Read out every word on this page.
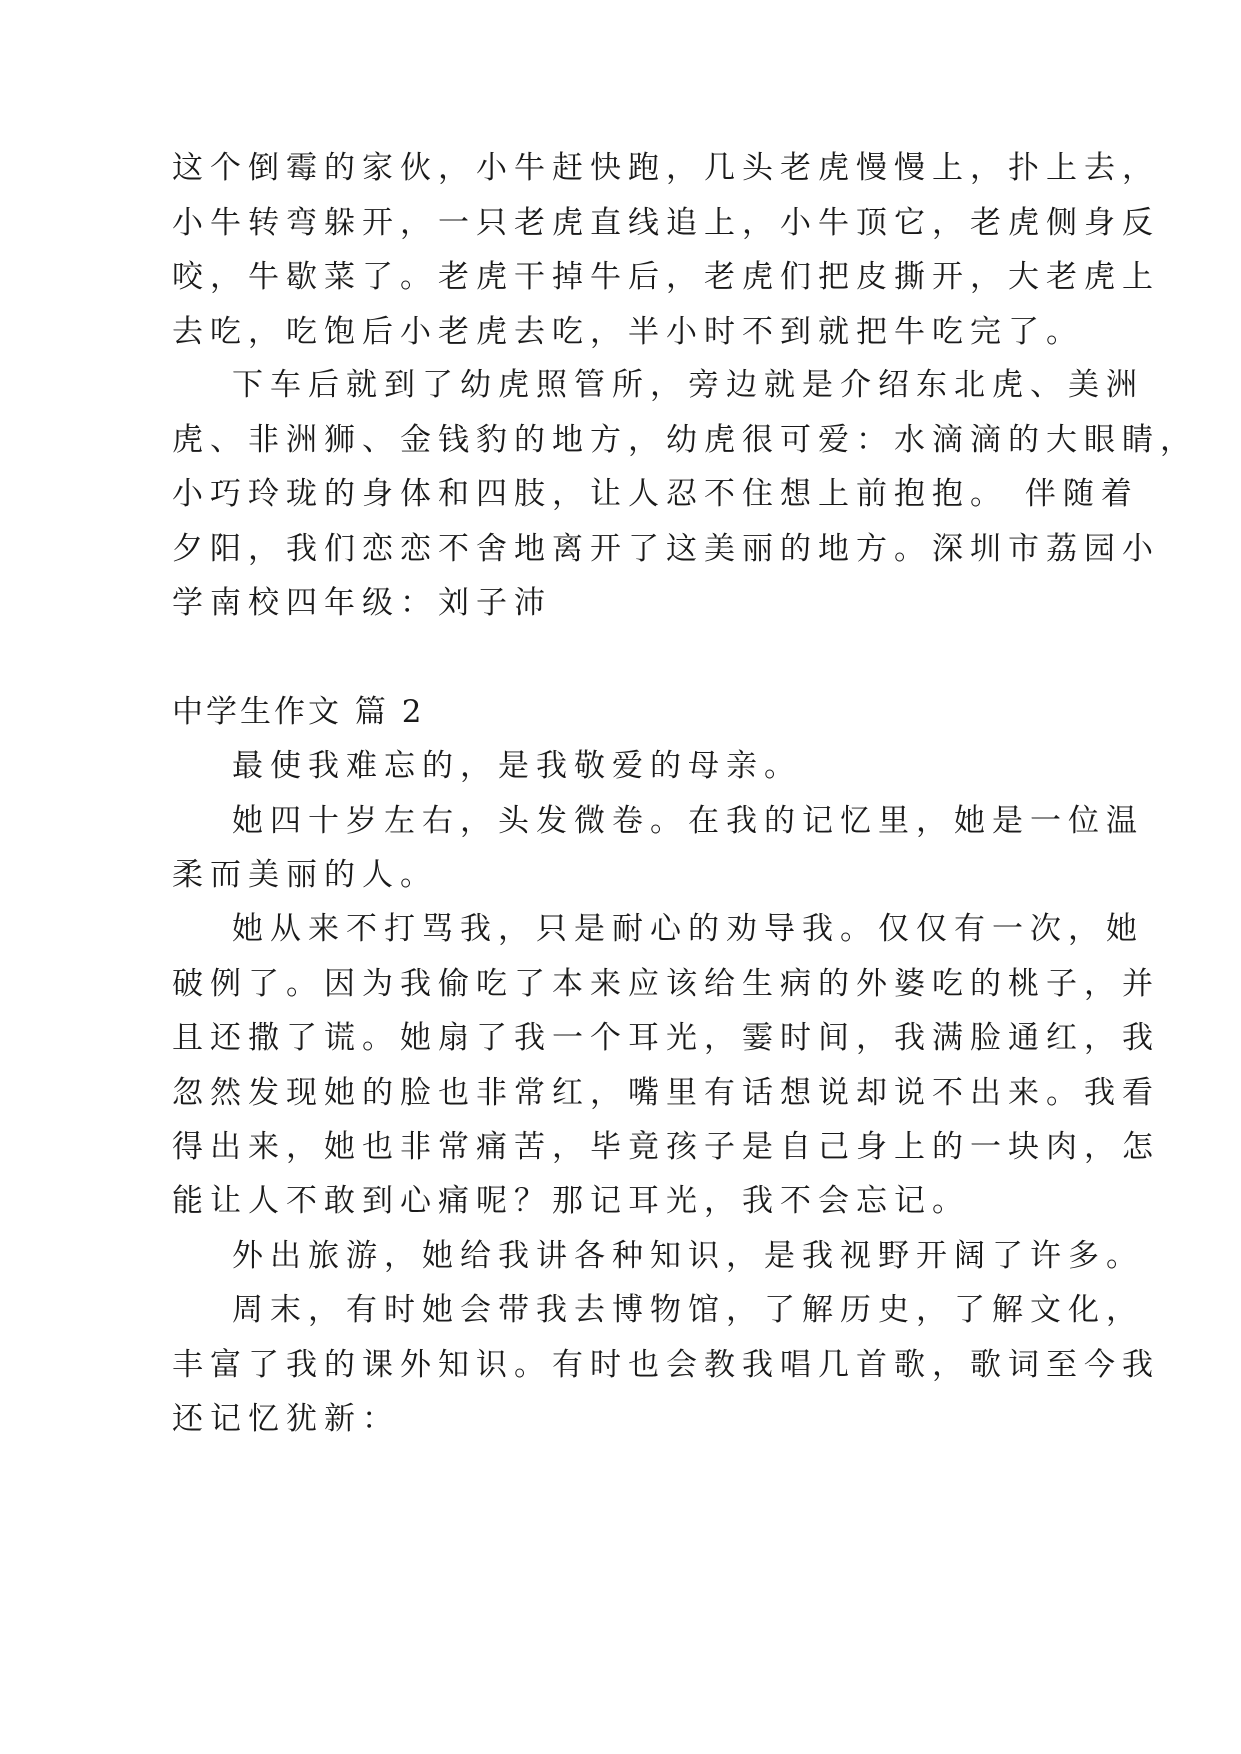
这个倒霉的家伙，小牛赶快跑，几头老虎慢慢上，扑上去，

小牛转弯躲开，一只老虎直线追上，小牛顶它，老虎侧身反

咬，牛歇菜了。老虎干掉牛后，老虎们把皮撕开，大老虎上

去吃，吃饱后小老虎去吃，半小时不到就把牛吃完了。

下车后就到了幼虎照管所，旁边就是介绍东北虎、美洲

虎、非洲狮、金钱豹的地方，幼虎很可爱：水滴滴的大眼睛，

小巧玲珑的身体和四肢，让人忍不住想上前抱抱。 伴随着

夕阳，我们恋恋不舍地离开了这美丽的地方。深圳市荔园小

学南校四年级：刘子沛

中学生作文 篇 2

最使我难忘的，是我敬爱的母亲。

她四十岁左右，头发微卷。在我的记忆里，她是一位温

柔而美丽的人。

她从来不打骂我，只是耐心的劝导我。仅仅有一次，她

破例了。因为我偷吃了本来应该给生病的外婆吃的桃子，并

且还撒了谎。她扇了我一个耳光，霎时间，我满脸通红，我

忽然发现她的脸也非常红，嘴里有话想说却说不出来。我看

得出来，她也非常痛苦，毕竟孩子是自己身上的一块肉，怎

能让人不敢到心痛呢？那记耳光，我不会忘记。

外出旅游，她给我讲各种知识，是我视野开阔了许多。

周末，有时她会带我去博物馆，了解历史，了解文化，

丰富了我的课外知识。有时也会教我唱几首歌，歌词至今我

还记忆犹新：
